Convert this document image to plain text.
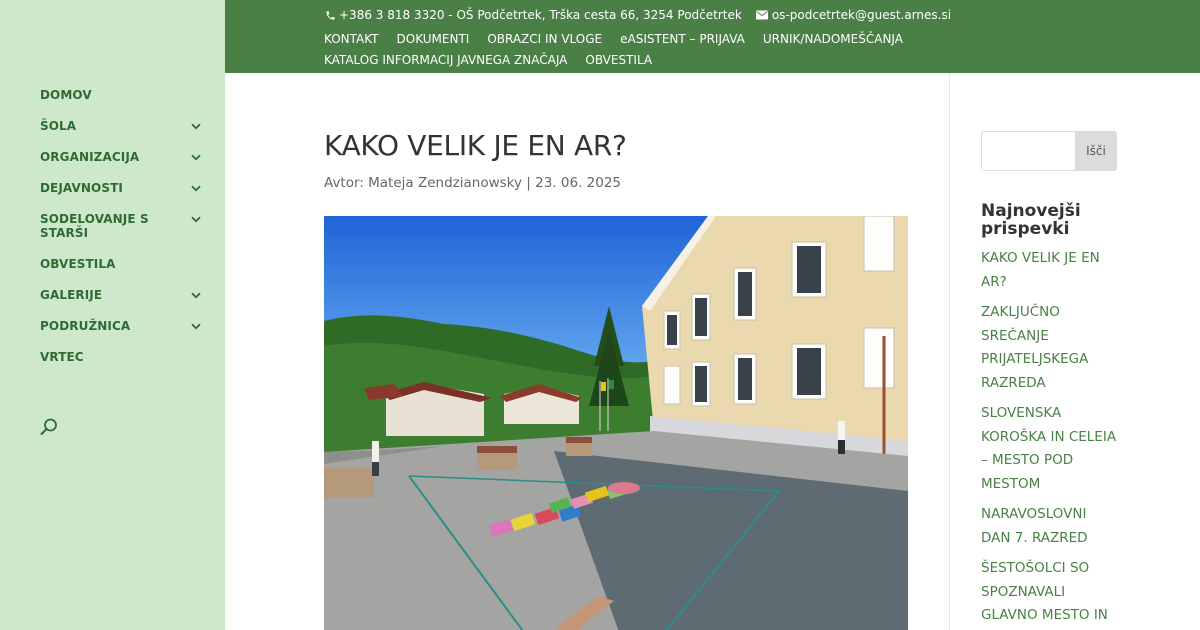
DOMOV
ŠOLA
ORGANIZACIJA
DEJAVNOSTI
SODELOVANJE S STARŠI
OBVESTILA
GALERIJE
PODRUŽNICA
VRTEC
+386 3 818 3320 - OŠ Podčetrtek, Trška cesta 66, 3254 Podčetrtek	os-podcetrtek@guest.arnes.si
KONTAKT DOKUMENTI OBRAZCI IN VLOGE eASISTENT – PRIJAVA URNIK/NADOMEŠČANJA
KATALOG INFORMACIJ JAVNEGA ZNAČAJA OBVESTILA
KAKO VELIK JE EN AR?

Avtor: Mateja Zendzianowsky | 23. 06. 2025

Išči
Najnovejši prispevki
KAKO VELIK JE EN AR?
ZAKLJUČNO SREČANJE PRIJATELJSKEGA RAZREDA
SLOVENSKA KOROŠKA IN CELEIA – MESTO POD MESTOM
NARAVOSLOVNI DAN 7. RAZRED
ŠESTOŠOLCI SO SPOZNAVALI GLAVNO MESTO IN
